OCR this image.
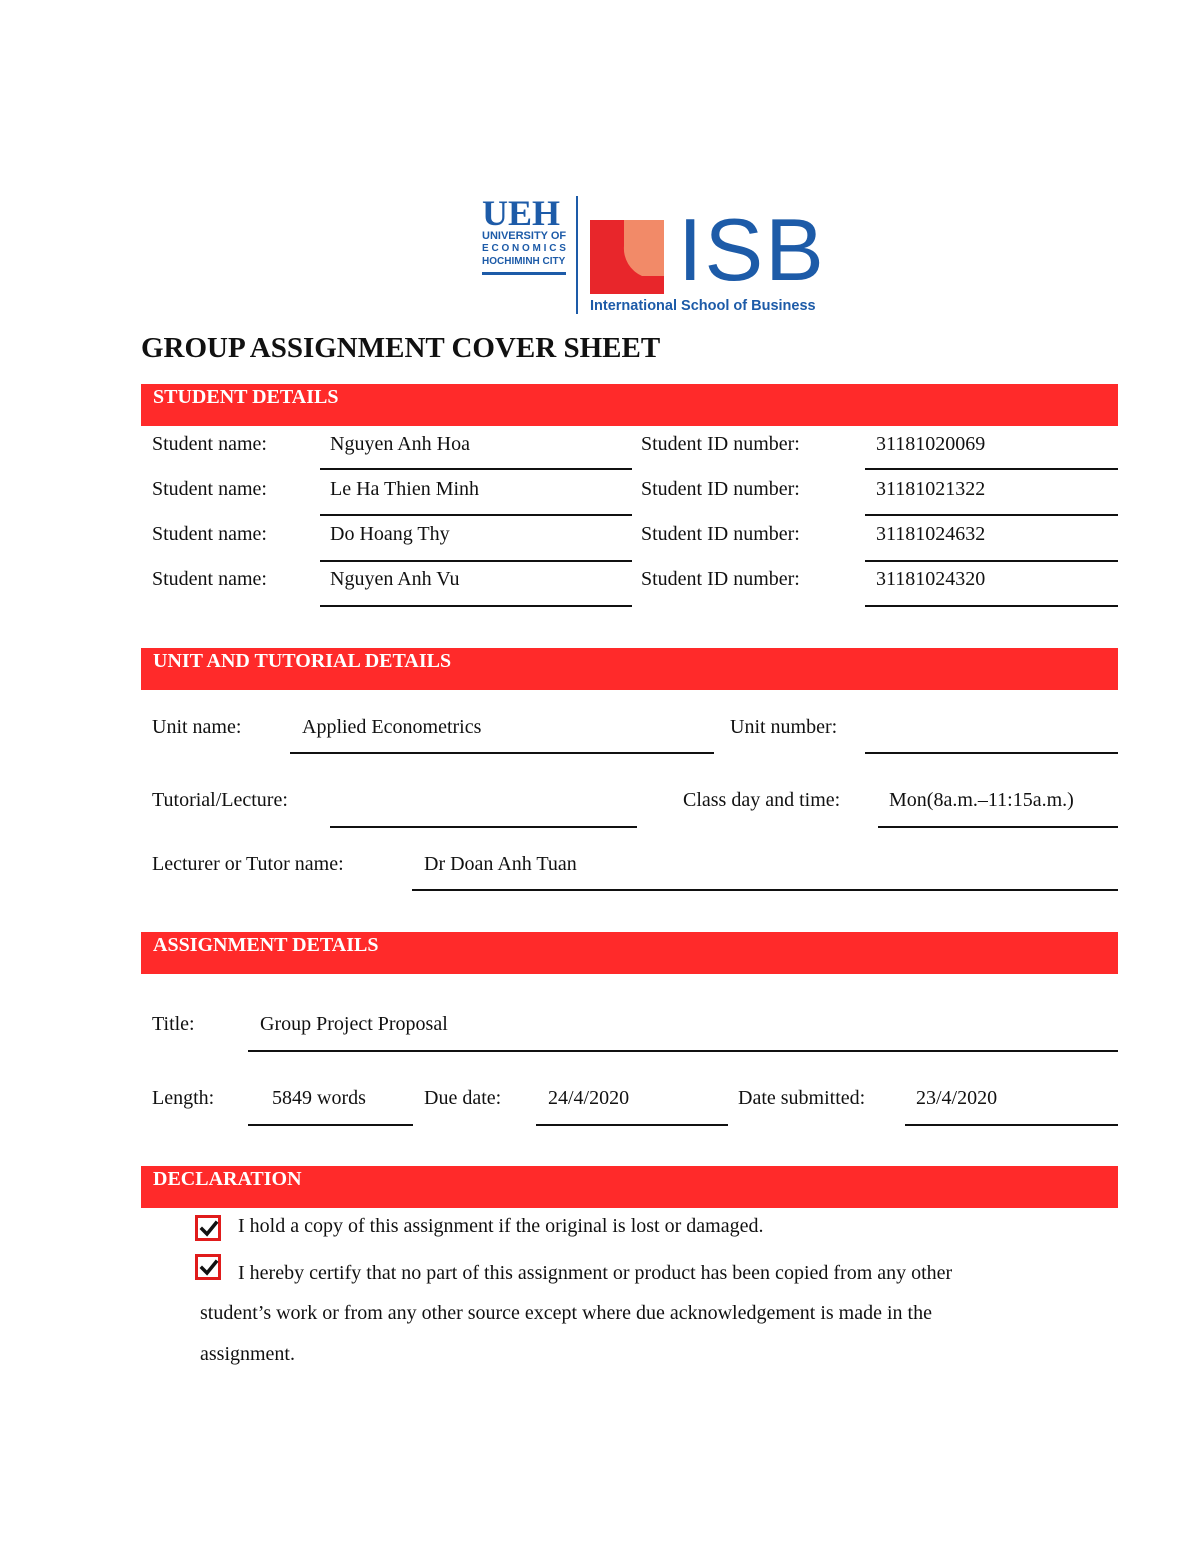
UEH
UNIVERSITY OF
E C O N O M I C S
HOCHIMINH CITY ISB
International School of Business
GROUP ASSIGNMENT COVER SHEET
STUDENT DETAILS
Student name:	Nguyen Anh Hoa	Student ID number:	31181020069
Student name:	Le Ha Thien Minh	Student ID number:	31181021322
Student name:	Do Hoang Thy	Student ID number:	31181024632
Student name:	Nguyen Anh Vu	Student ID number:	31181024320
UNIT AND TUTORIAL DETAILS
Unit name:	Applied Econometrics	Unit number:
Tutorial/Lecture:	Class day and time: Mon(8a.m.–11:15a.m.)
Lecturer or Tutor name:	Dr Doan Anh Tuan
ASSIGNMENT DETAILS
Title:	Group Project Proposal
Length:	5849 words	Due date: 24/4/2020	Date submitted:	23/4/2020
DECLARATION
I hold a copy of this assignment if the original is lost or damaged.
I hereby certify that no part of this assignment or product has been copied from any other
student’s work or from any other source except where due acknowledgement is made in the
assignment.
